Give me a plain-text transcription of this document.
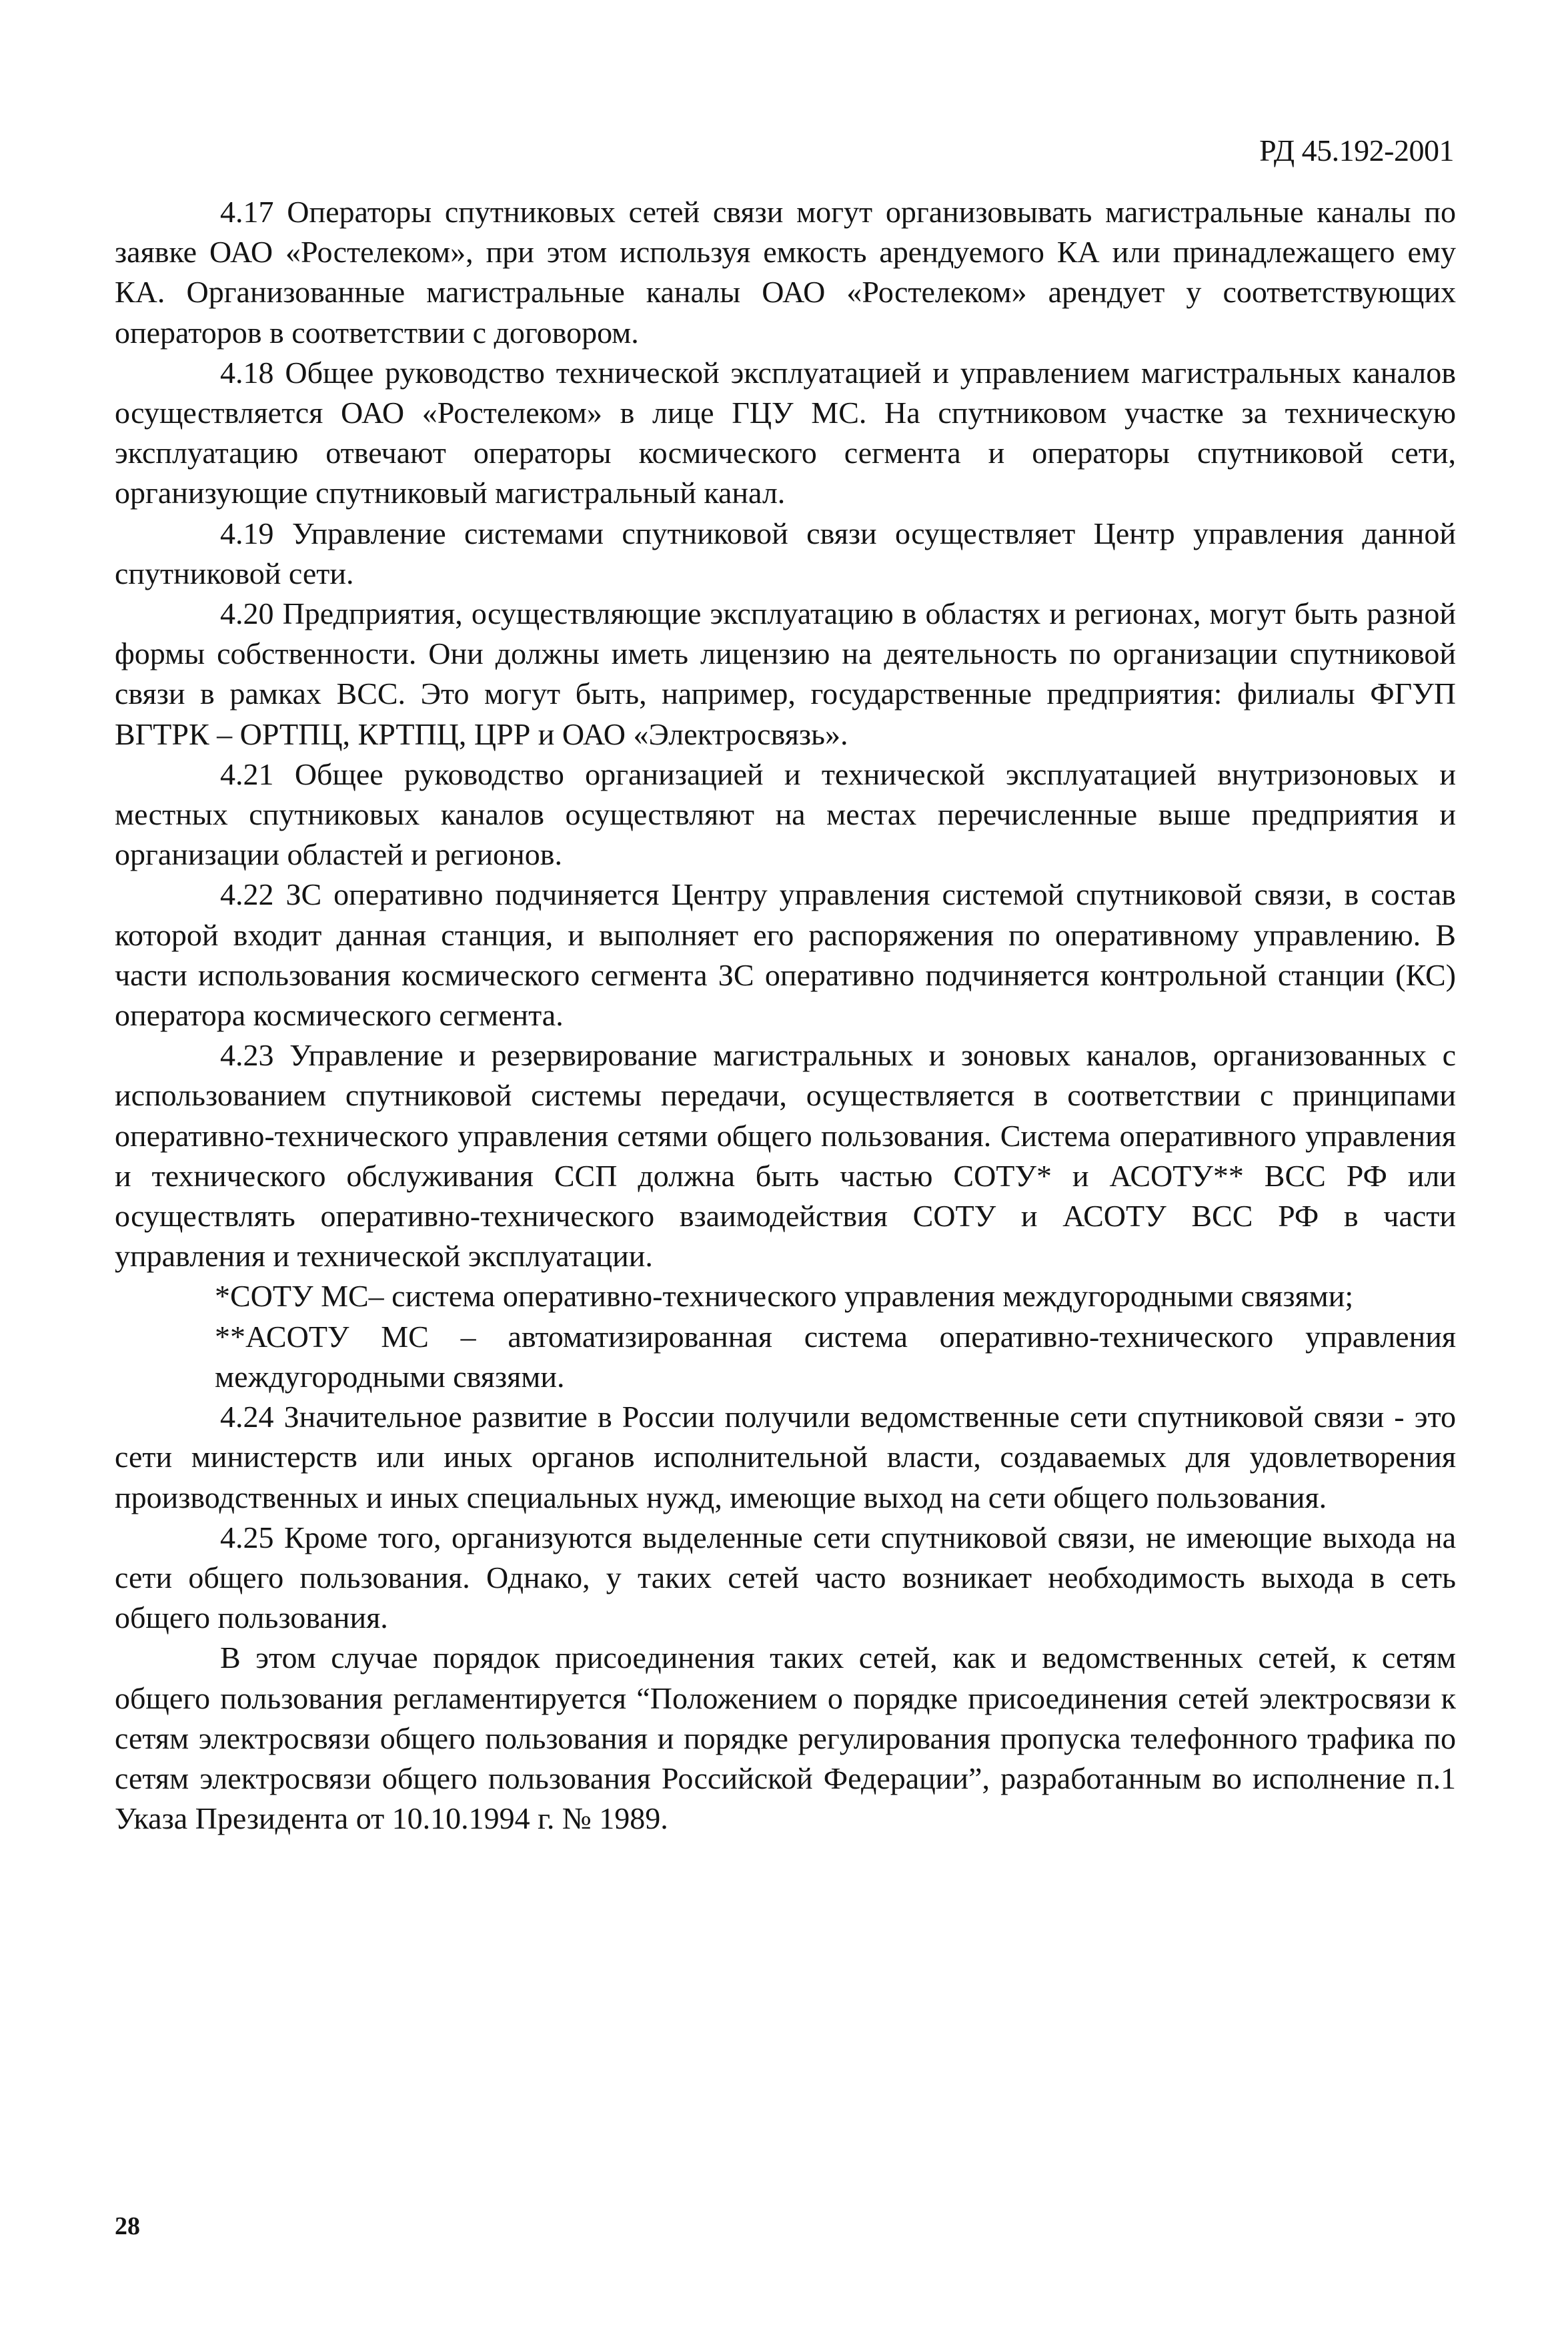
РД 45.192-2001

4.17 Операторы спутниковых сетей связи могут организовывать магистральные каналы по заявке ОАО «Ростелеком», при этом используя емкость арендуемого КА или принадлежащего ему КА. Организованные магистральные каналы ОАО «Ростелеком» арендует у соответствующих операторов в соответствии с договором.

4.18 Общее руководство технической эксплуатацией и управлением магистральных каналов осуществляется ОАО «Ростелеком» в лице ГЦУ МС. На спутниковом участке за техническую эксплуатацию отвечают операторы космического сегмента и операторы спутниковой сети, организующие спутниковый магистральный канал.

4.19 Управление системами спутниковой связи осуществляет Центр управления данной спутниковой сети.

4.20 Предприятия, осуществляющие эксплуатацию в областях и регионах, могут быть разной формы собственности. Они должны иметь лицензию на деятельность по организации спутниковой связи в рамках ВСС. Это могут быть, например, государственные предприятия: филиалы ФГУП ВГТРК – ОРТПЦ, КРТПЦ, ЦРР и ОАО «Электросвязь».

4.21 Общее руководство организацией и технической эксплуатацией внутризоновых и местных спутниковых каналов осуществляют на местах перечисленные выше предприятия и организации областей и регионов.

4.22 ЗС оперативно подчиняется Центру управления системой спутниковой связи, в состав которой входит данная станция, и выполняет его распоряжения по оперативному управлению. В части использования космического сегмента ЗС оперативно подчиняется контрольной станции (КС) оператора космического сегмента.

4.23 Управление и резервирование магистральных и зоновых каналов, организованных с использованием спутниковой системы передачи, осуществляется в соответствии с принципами оперативно-технического управления сетями общего пользования. Система оперативного управления и технического обслуживания ССП должна быть частью СОТУ* и АСОТУ** ВСС РФ или осуществлять оперативно-технического взаимодействия СОТУ и АСОТУ ВСС РФ в части управления и технической эксплуатации.

*СОТУ МС– система оперативно-технического управления междугородными связями;

**АСОТУ МС – автоматизированная система оперативно-технического управления междугородными связями.

4.24 Значительное развитие в России получили ведомственные сети спутниковой связи - это сети министерств или иных органов исполнительной власти, создаваемых для удовлетворения производственных и иных специальных нужд, имеющие выход на сети общего пользования.

4.25 Кроме того, организуются выделенные сети спутниковой связи, не имеющие выхода на сети общего пользования. Однако, у таких сетей часто возникает необходимость выхода в сеть общего пользования.

В этом случае порядок присоединения таких сетей, как и ведомственных сетей, к сетям общего пользования регламентируется “Положением о порядке присоединения сетей электросвязи к сетям электросвязи общего пользования и порядке регулирования пропуска телефонного трафика по сетям электросвязи общего пользования Российской Федерации”, разработанным во исполнение п.1 Указа Президента от 10.10.1994 г. № 1989.

28
